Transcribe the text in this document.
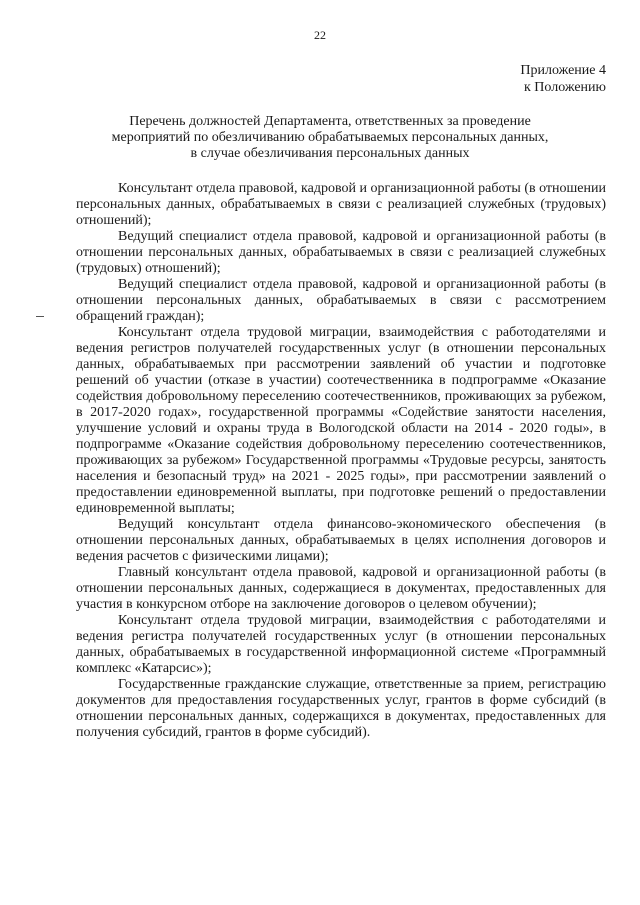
22
Приложение 4
к Положению
Перечень должностей Департамента, ответственных за проведение
мероприятий по обезличиванию обрабатываемых персональных данных,
в случае обезличивания персональных данных

Консультант отдела правовой, кадровой и организационной работы (в отношении персональных данных, обрабатываемых в связи с реализацией служебных (трудовых) отношений);

Ведущий специалист отдела правовой, кадровой и организационной работы (в отношении персональных данных, обрабатываемых в связи с реализацией служебных (трудовых) отношений);

Ведущий специалист отдела правовой, кадровой и организационной работы (в отношении персональных данных, обрабатываемых в связи с рассмотрением обращений граждан);

Консультант отдела трудовой миграции, взаимодействия с работодателями и ведения регистров получателей государственных услуг (в отношении персональных данных, обрабатываемых при рассмотрении заявлений об участии и подготовке решений об участии (отказе в участии) соотечественника в подпрограмме «Оказание содействия добровольному переселению соотечественников, проживающих за рубежом, в 2017-2020 годах», государственной программы «Содействие занятости населения, улучшение условий и охраны труда в Вологодской области на 2014 - 2020 годы», в подпрограмме «Оказание содействия добровольному переселению соотечественников, проживающих за рубежом» Государственной программы «Трудовые ресурсы, занятость населения и безопасный труд» на 2021 - 2025 годы», при рассмотрении заявлений о предоставлении единовременной выплаты, при подготовке решений о предоставлении единовременной выплаты;

Ведущий консультант отдела финансово-экономического обеспечения (в отношении персональных данных, обрабатываемых в целях исполнения договоров и ведения расчетов с физическими лицами);

Главный консультант отдела правовой, кадровой и организационной работы (в отношении персональных данных, содержащиеся в документах, предоставленных для участия в конкурсном отборе на заключение договоров о целевом обучении);

Консультант отдела трудовой миграции, взаимодействия с работодателями и ведения регистра получателей государственных услуг (в отношении персональных данных, обрабатываемых в государственной информационной системе «Программный комплекс «Катарсис»);

Государственные гражданские служащие, ответственные за прием, регистрацию документов для предоставления государственных услуг, грантов в форме субсидий (в отношении персональных данных, содержащихся в документах, предоставленных для получения субсидий, грантов в форме субсидий).
